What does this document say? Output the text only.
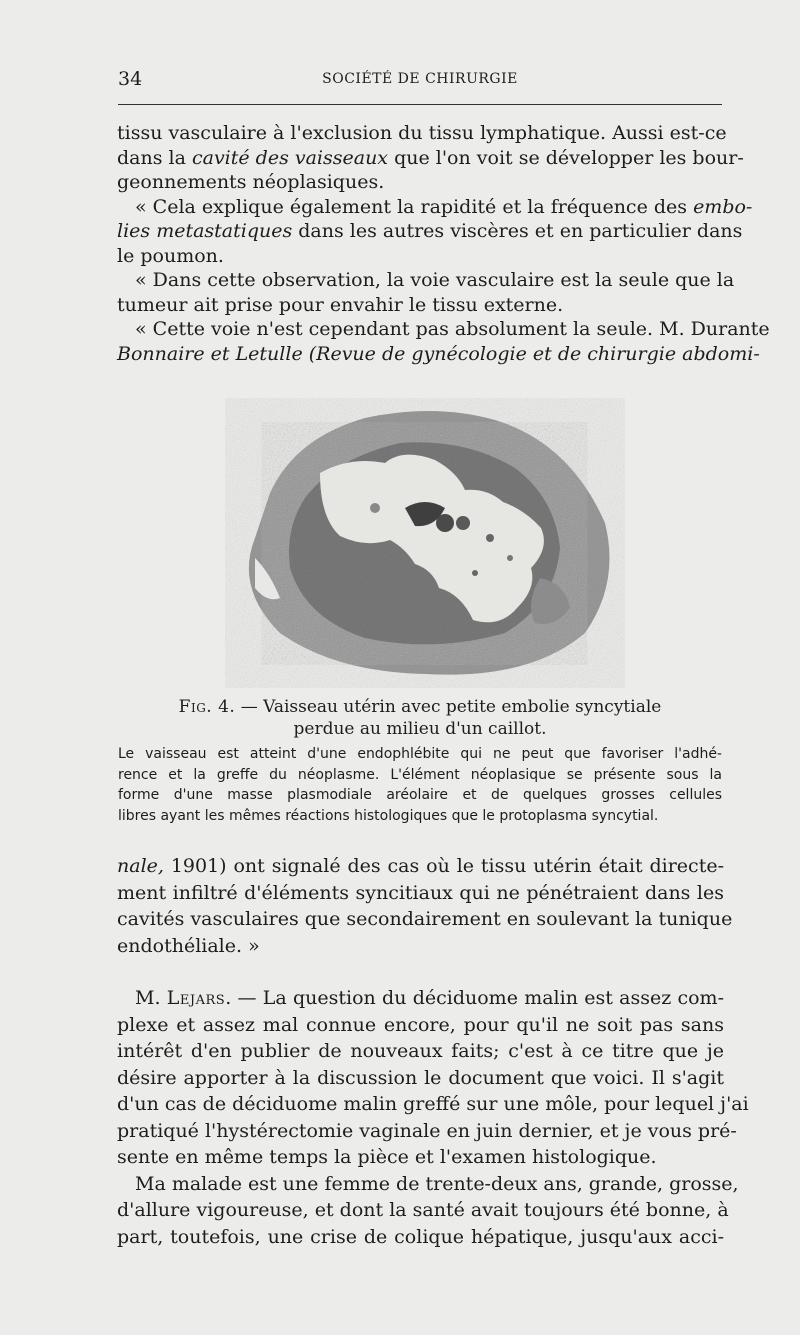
34	SOCIÉTÉ DE CHIRURGIE
tissu vasculaire à l'exclusion du tissu lymphatique. Aussi est-ce
dans la cavité des vaisseaux que l'on voit se développer les bour-
geonnements néoplasiques.
« Cela explique également la rapidité et la fréquence des embo-
lies metastatiques dans les autres viscères et en particulier dans
le poumon.
« Dans cette observation, la voie vasculaire est la seule que la
tumeur ait prise pour envahir le tissu externe.
« Cette voie n'est cependant pas absolument la seule. M. Durante
Bonnaire et Letulle (Revue de gynécologie et de chirurgie abdomi-
Fig. 4. — Vaisseau utérin avec petite embolie syncytiale
perdue au milieu d'un caillot.
Le vaisseau est atteint d'une endophlébite qui ne peut que favoriser l'adhé-
rence et la greffe du néoplasme. L'élément néoplasique se présente sous la
forme d'une masse plasmodiale aréolaire et de quelques grosses cellules
libres ayant les mêmes réactions histologiques que le protoplasma syncytial.
nale, 1901) ont signalé des cas où le tissu utérin était directe-
ment infiltré d'éléments syncitiaux qui ne pénétraient dans les
cavités vasculaires que secondairement en soulevant la tunique
endothéliale. »
M. Lejars. — La question du déciduome malin est assez com-
plexe et assez mal connue encore, pour qu'il ne soit pas sans
intérêt d'en publier de nouveaux faits; c'est à ce titre que je
désire apporter à la discussion le document que voici. Il s'agit
d'un cas de déciduome malin greffé sur une môle, pour lequel j'ai
pratiqué l'hystérectomie vaginale en juin dernier, et je vous pré-
sente en même temps la pièce et l'examen histologique.
Ma malade est une femme de trente-deux ans, grande, grosse,
d'allure vigoureuse, et dont la santé avait toujours été bonne, à
part, toutefois, une crise de colique hépatique, jusqu'aux acci-
